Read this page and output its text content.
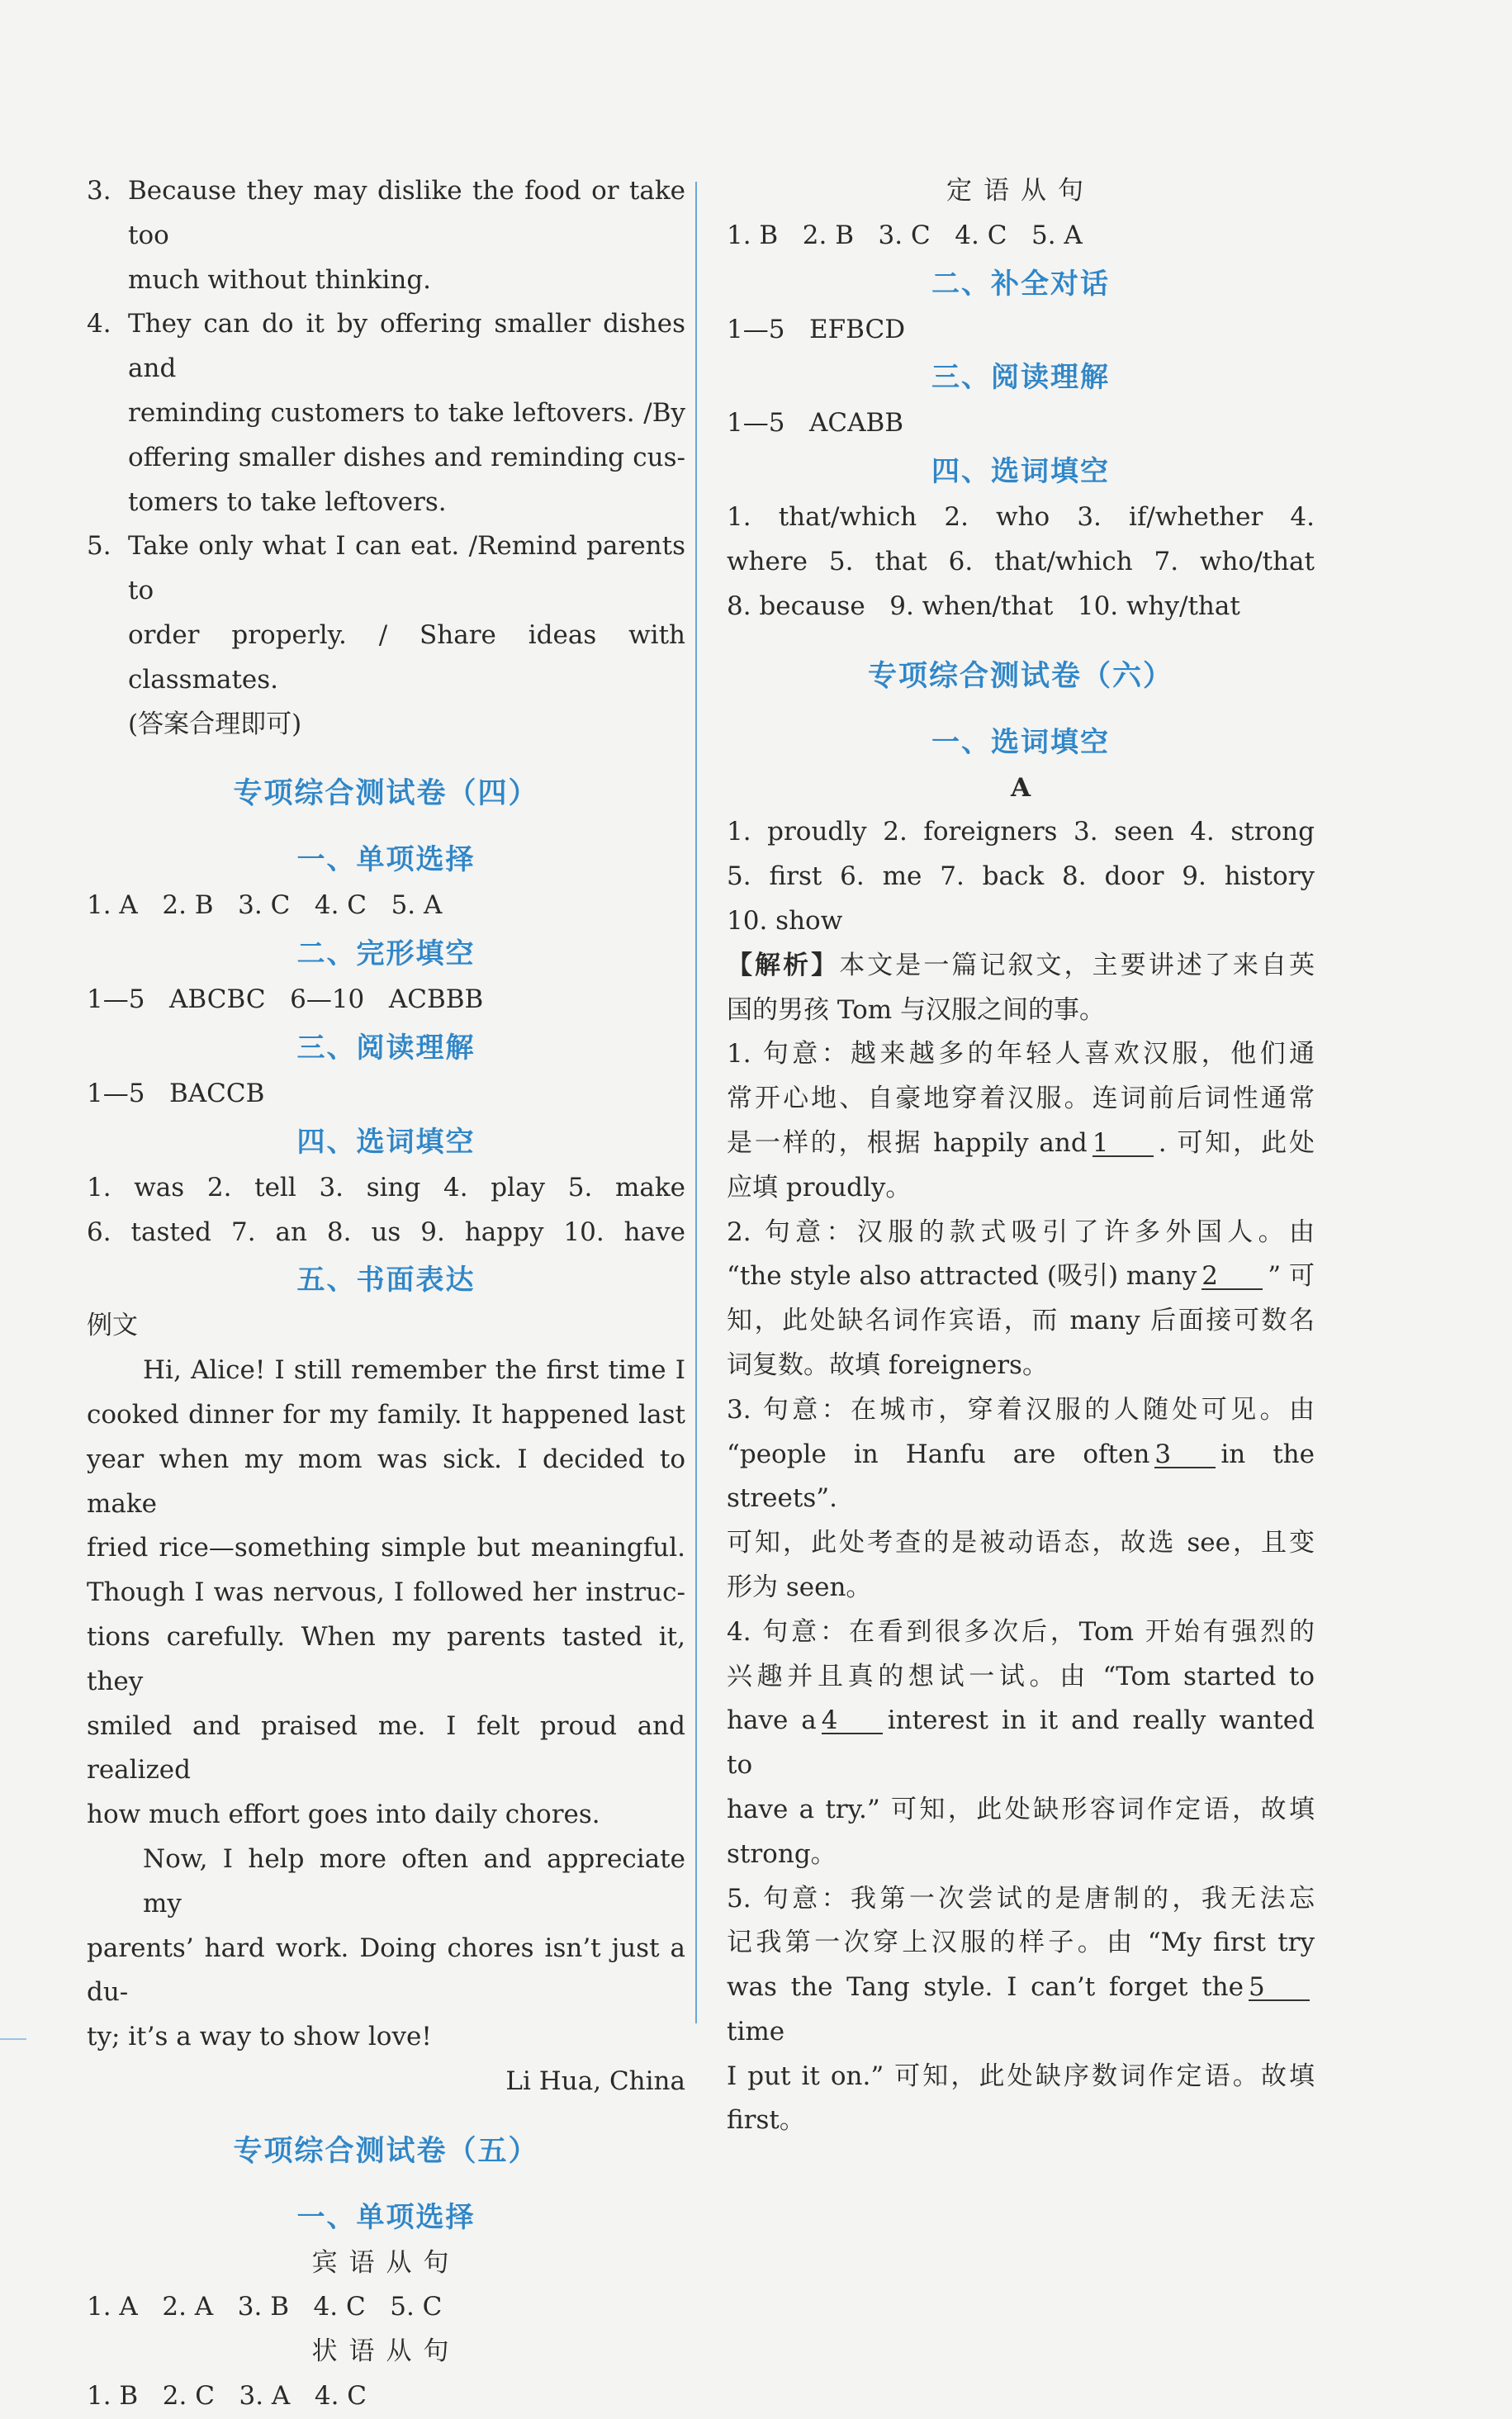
3. Because they may dislike the food or take too
much without thinking.
4. They can do it by offering smaller dishes and
reminding customers to take leftovers. /By
offering smaller dishes and reminding cus-
tomers to take leftovers.
5. Take only what I can eat. /Remind parents to
order properly. / Share ideas with classmates.
(答案合理即可)
专项综合测试卷（四）
一、单项选择
1. A   2. B   3. C   4. C   5. A
二、完形填空
1—5   ABCBC   6—10   ACBBB
三、阅读理解
1—5   BACCB
四、选词填空
1. was 2. tell 3. sing 4. play 5. make
6. tasted 7. an 8. us 9. happy 10. have
五、书面表达
例文
Hi, Alice! I still remember the first time I
cooked dinner for my family. It happened last
year when my mom was sick. I decided to make
fried rice—something simple but meaningful.
Though I was nervous, I followed her instruc-
tions carefully. When my parents tasted it, they
smiled and praised me. I felt proud and realized
how much effort goes into daily chores.
Now, I help more often and appreciate my
parents’ hard work. Doing chores isn’t just a du-
ty; it’s a way to show love!
Li Hua, China
专项综合测试卷（五）
一、单项选择
宾语从句
1. A   2. A   3. B   4. C   5. C
状语从句
1. B   2. C   3. A   4. C
定语从句
1. B   2. B   3. C   4. C   5. A
二、补全对话
1—5   EFBCD
三、阅读理解
1—5   ACABB
四、选词填空
1. that/which 2. who 3. if/whether 4.
where 5. that 6. that/which 7. who/that
8. because   9. when/that   10. why/that
专项综合测试卷（六）
一、选词填空
A
1. proudly 2. foreigners 3. seen 4. strong
5. first 6. me 7. back 8. door 9. history
10. show
【解析】本文是一篇记叙文，主要讲述了来自英
国的男孩 Tom 与汉服之间的事。
1. 句意：越来越多的年轻人喜欢汉服，他们通
常开心地、自豪地穿着汉服。连词前后词性通常
是一样的，根据 happily and 1 . 可知，此处
应填 proudly。
2. 句意：汉服的款式吸引了许多外国人。由
“the style also attracted (吸引) many 2 ” 可
知，此处缺名词作宾语，而 many 后面接可数名
词复数。故填 foreigners。
3. 句意：在城市，穿着汉服的人随处可见。由
“people in Hanfu are often 3 in the streets”.
可知，此处考查的是被动语态，故选 see，且变
形为 seen。
4. 句意：在看到很多次后，Tom 开始有强烈的
兴趣并且真的想试一试。由 “Tom started to
have a 4 interest in it and really wanted to
have a try.” 可知，此处缺形容词作定语，故填
strong。
5. 句意：我第一次尝试的是唐制的，我无法忘
记我第一次穿上汉服的样子。由 “My first try
was the Tang style. I can’t forget the 5time
I put it on.” 可知，此处缺序数词作定语。故填
first。
